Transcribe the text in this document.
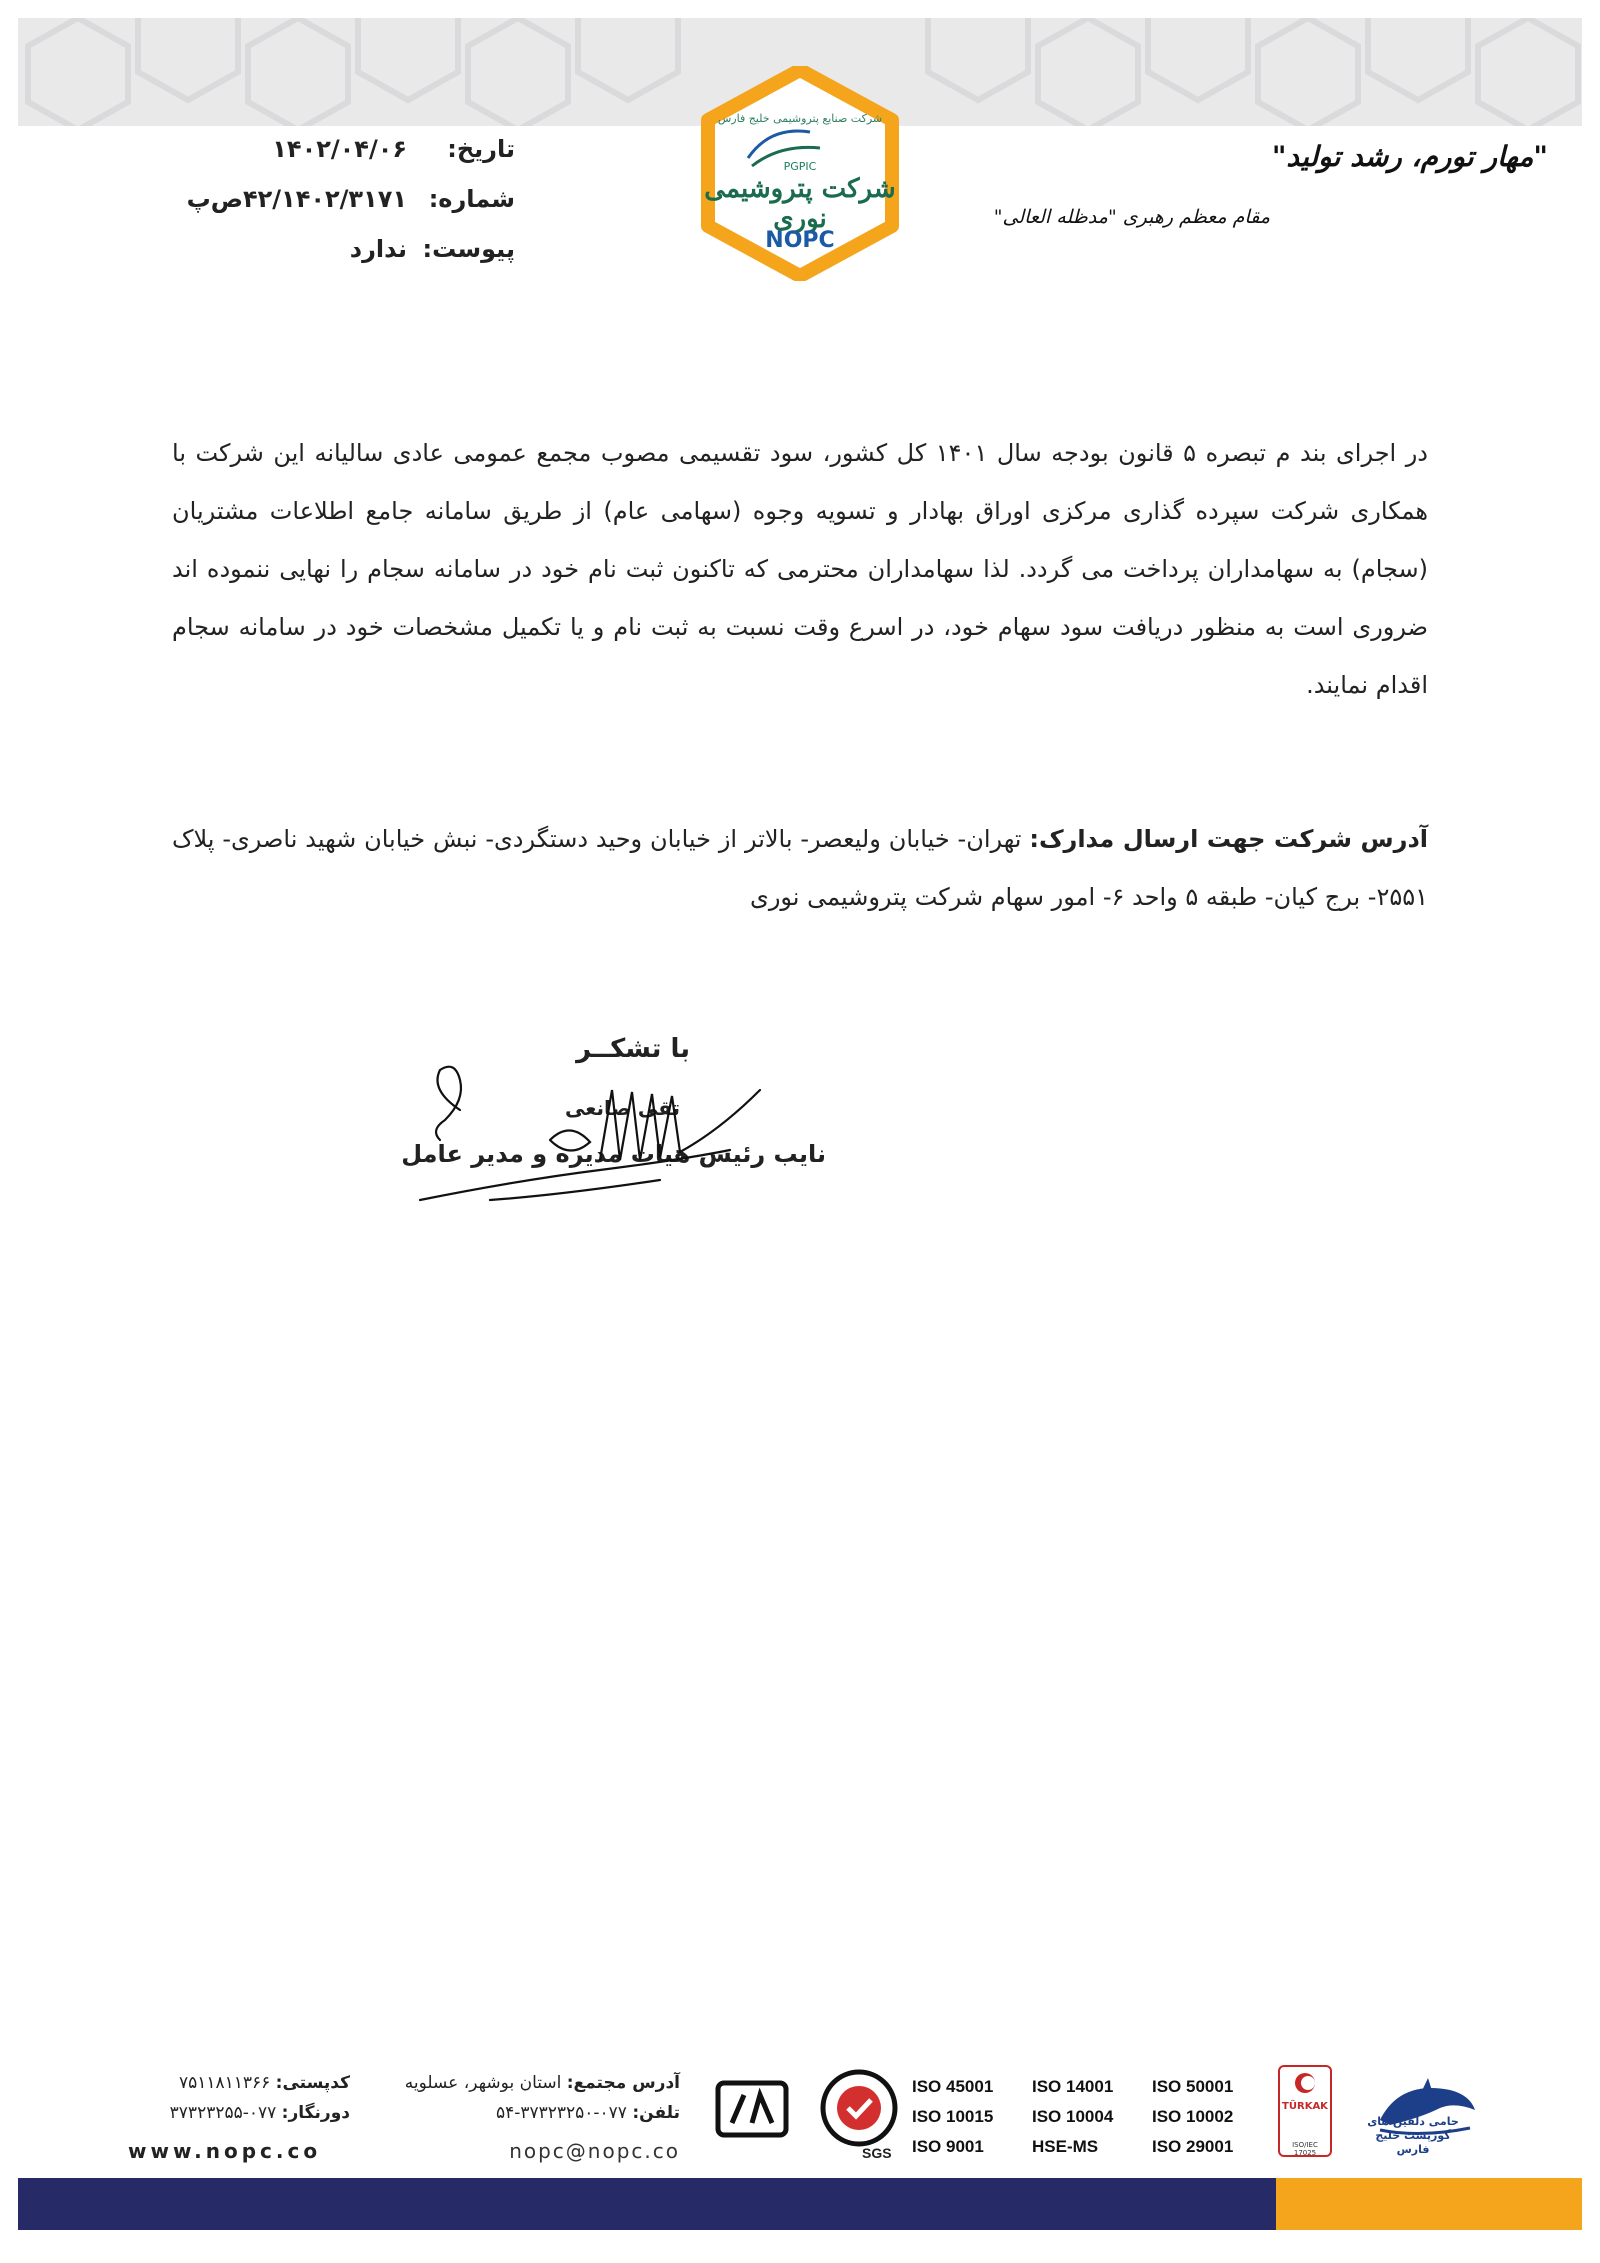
شرکت صنایع پتروشیمی خلیج فارس
PGPIC
شرکت پتروشیمی نوری
NOPC
تاریخ:
۱۴۰۲/۰۴/۰۶
شماره:
۴۲/۱۴۰۲/۳۱۷۱ص‌پ
پیوست:
ندارد
"مهار تورم، رشد تولید"
مقام معظم رهبری "مدظله العالی"
در اجرای بند م تبصره ۵ قانون بودجه سال ۱۴۰۱ کل کشور، سود تقسیمی مصوب مجمع عمومی عادی سالیانه این شرکت با همکاری شرکت سپرده گذاری مرکزی اوراق بهادار و تسویه وجوه (سهامی عام) از طریق سامانه جامع اطلاعات مشتریان (سجام) به سهامداران پرداخت می گردد. لذا سهامداران محترمی که تاکنون ثبت نام خود در سامانه سجام را نهایی ننموده اند ضروری است به منظور دریافت سود سهام خود، در اسرع وقت نسبت به ثبت نام و یا تکمیل مشخصات خود در سامانه سجام اقدام نمایند.
آدرس شرکت جهت ارسال مدارک: تهران- خیابان ولیعصر- بالاتر از خیابان وحید دستگردی- نبش خیابان شهید ناصری- پلاک ۲۵۵۱- برج کیان- طبقه ۵ واحد ۶- امور سهام شرکت پتروشیمی نوری
با تشکــر
تقی صانعی
نایب رئیس هیات مدیره و مدیر عامل
حامی دلفین های گوزپشت خلیج فارس
TÜRKAK
ISO/IEC 17025
ISO 50001
ISO 14001
ISO 45001
ISO 10002
ISO 10004
ISO 10015
ISO 29001
HSE-MS
ISO 9001
SGS
آدرس مجتمع: استان بوشهر، عسلویه
تلفن: ۰۷۷-۳۷۳۲۳۲۵۰-۵۴
nopc@nopc.co
کدپستی: ۷۵۱۱۸۱۱۳۶۶
دورنگار: ۰۷۷-۳۷۳۲۳۲۵۵
www.nopc.co
